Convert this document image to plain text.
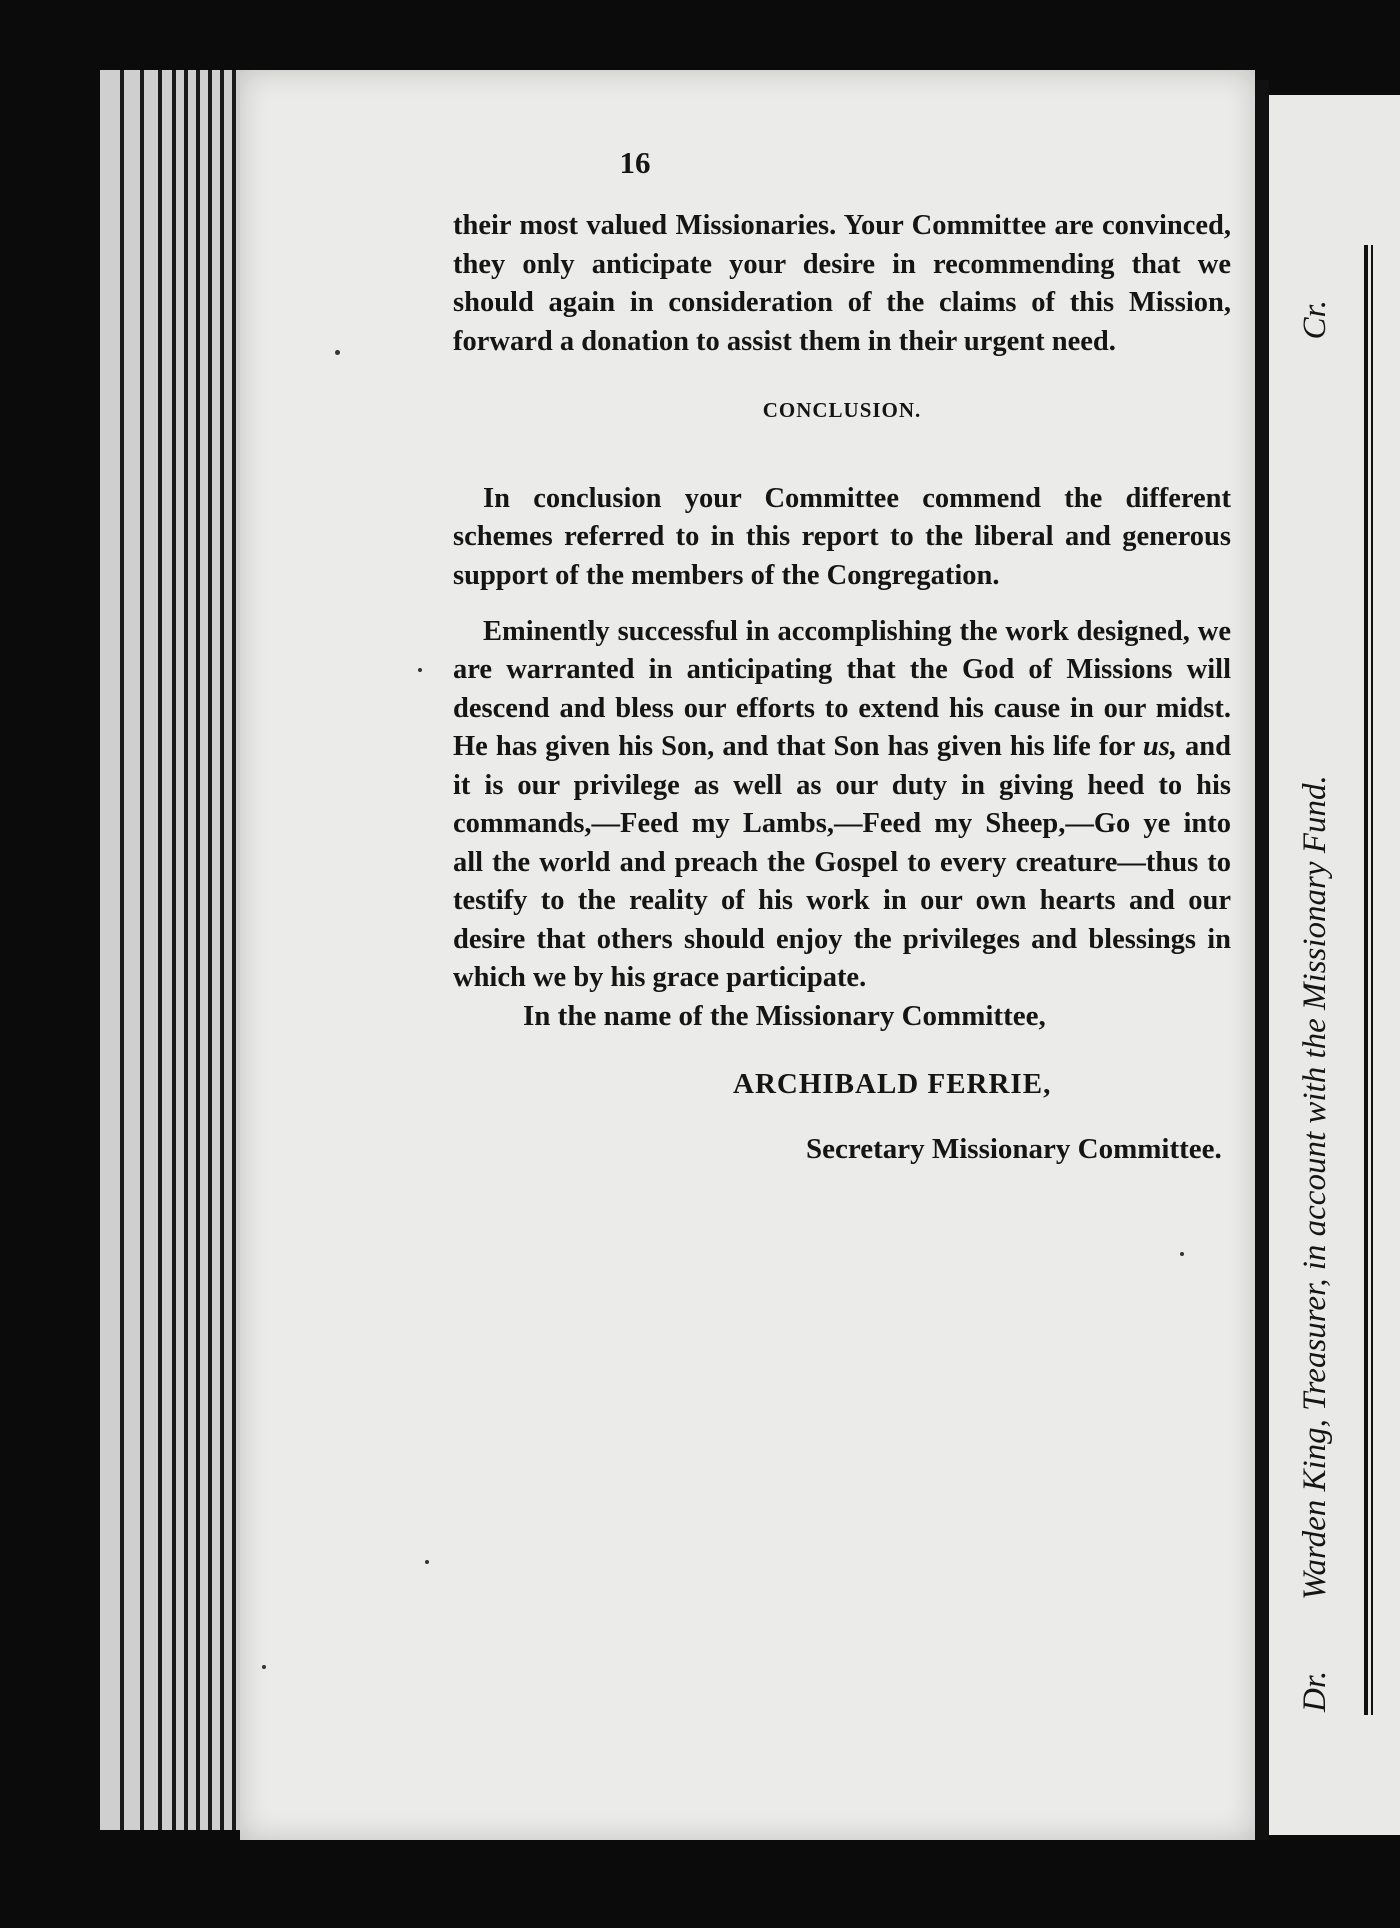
16

their most valued Missionaries. Your Committee are convinced, they only anticipate your desire in recommending that we should again in consideration of the claims of this Mission, forward a donation to assist them in their urgent need.

CONCLUSION.

In conclusion your Committee commend the different schemes referred to in this report to the liberal and generous support of the members of the Congregation.

Eminently successful in accomplishing the work designed, we are warranted in anticipating that the God of Missions will descend and bless our efforts to extend his cause in our midst. He has given his Son, and that Son has given his life for us, and it is our privilege as well as our duty in giving heed to his commands,—Feed my Lambs,—Feed my Sheep,—Go ye into all the world and preach the Gospel to every creature—thus to testify to the reality of his work in our own hearts and our desire that others should enjoy the privileges and blessings in which we by his grace participate.

In the name of the Missionary Committee,
ARCHIBALD FERRIE,
Secretary Missionary Committee.
Dr.
Warden King, Treasurer, in account with the Missionary Fund.
Cr.
